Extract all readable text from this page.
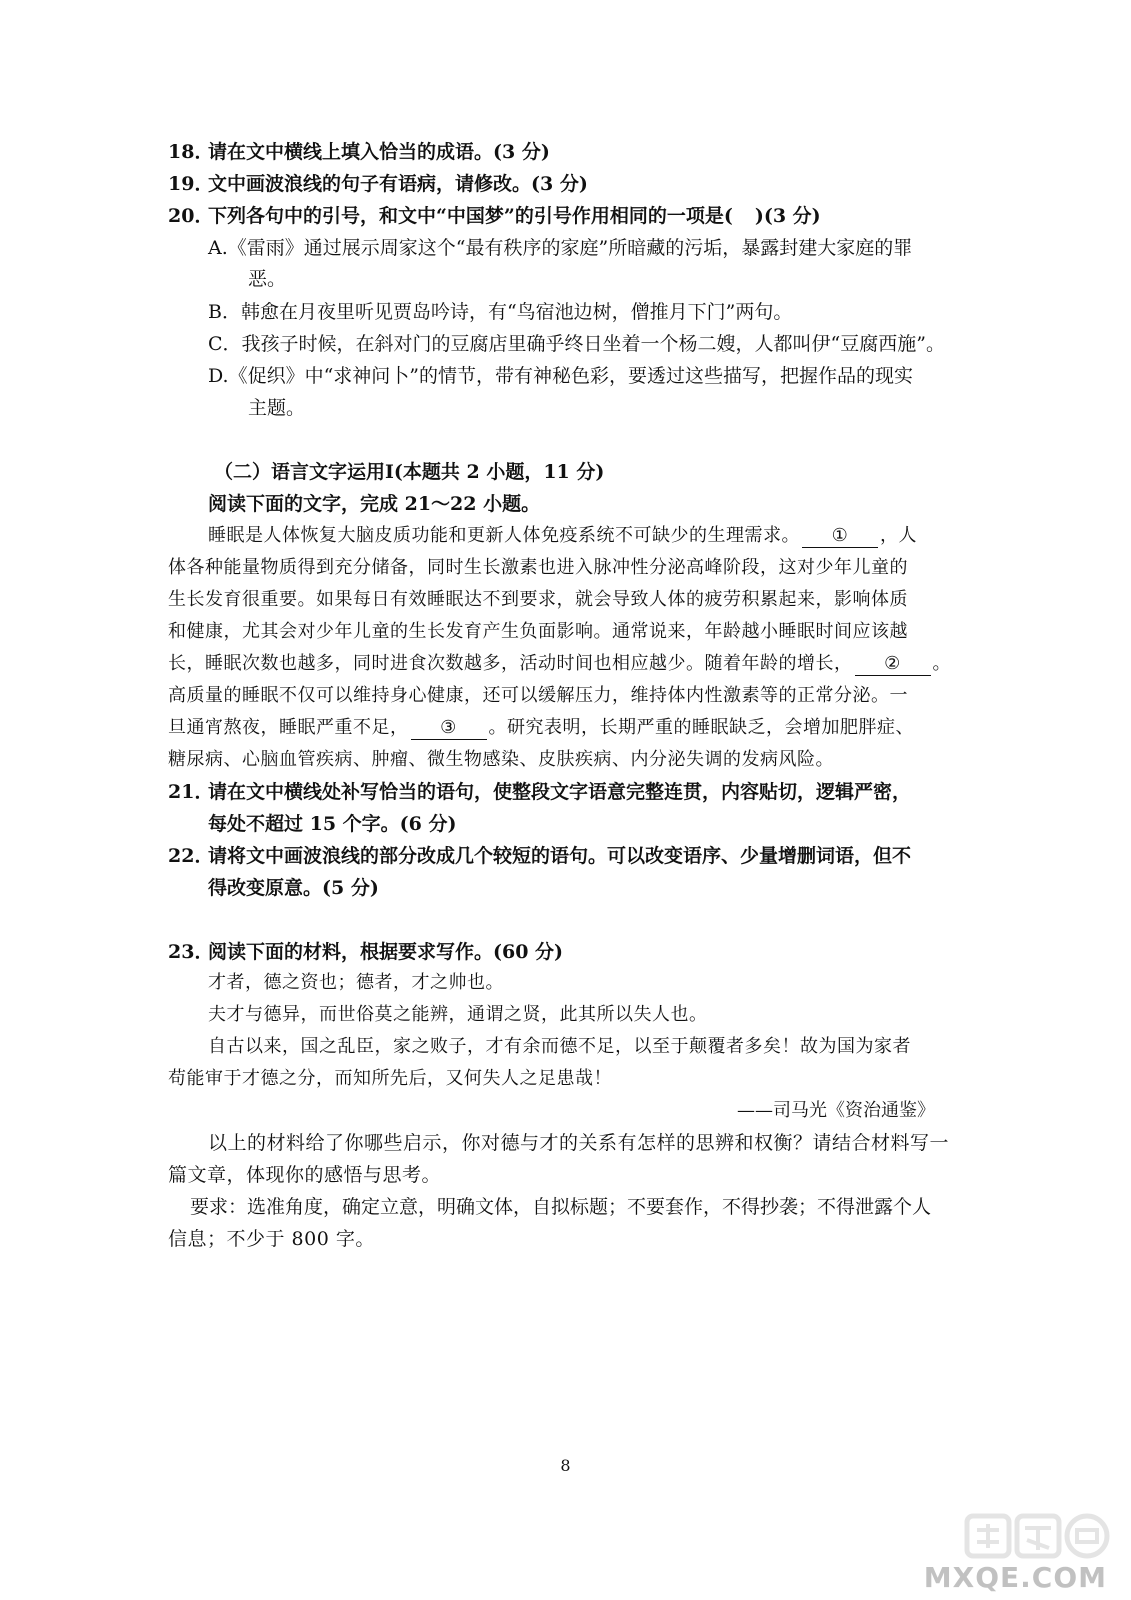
18．请在文中横线上填入恰当的成语。(3 分)
19．文中画波浪线的句子有语病，请修改。(3 分)
20．下列各句中的引号，和文中“中国梦”的引号作用相同的一项是( )(3 分)
A.《雷雨》通过展示周家这个“最有秩序的家庭”所暗藏的污垢，暴露封建大家庭的罪
恶。
B．韩愈在月夜里听见贾岛吟诗，有“鸟宿池边树，僧推月下门”两句。
C．我孩子时候，在斜对门的豆腐店里确乎终日坐着一个杨二嫂，人都叫伊“豆腐西施”。
D.《促织》中“求神问卜”的情节，带有神秘色彩，要透过这些描写，把握作品的现实
主题。
（二）语言文字运用Ⅰ(本题共 2 小题，11 分)
阅读下面的文字，完成 21～22 小题。
睡眠是人体恢复大脑皮质功能和更新人体免疫系统不可缺少的生理需求。 ① ，人
体各种能量物质得到充分储备，同时生长激素也进入脉冲性分泌高峰阶段，这对少年儿童的
生长发育很重要。如果每日有效睡眠达不到要求，就会导致人体的疲劳积累起来，影响体质
和健康，尤其会对少年儿童的生长发育产生负面影响。通常说来，年龄越小睡眠时间应该越
长，睡眠次数也越多，同时进食次数越多，活动时间也相应越少。随着年龄的增长， ② 。
高质量的睡眠不仅可以维持身心健康，还可以缓解压力，维持体内性激素等的正常分泌。一
旦通宵熬夜，睡眠严重不足， ③ 。研究表明，长期严重的睡眠缺乏，会增加肥胖症、
糖尿病、心脑血管疾病、肿瘤、微生物感染、皮肤疾病、内分泌失调的发病风险。
21．请在文中横线处补写恰当的语句，使整段文字语意完整连贯，内容贴切，逻辑严密，
每处不超过 15 个字。(6 分)
22．请将文中画波浪线的部分改成几个较短的语句。可以改变语序、少量增删词语，但不
得改变原意。(5 分)
23．阅读下面的材料，根据要求写作。(60 分)
才者，德之资也；德者，才之帅也。
夫才与德异，而世俗莫之能辨，通谓之贤，此其所以失人也。
自古以来，国之乱臣，家之败子，才有余而德不足，以至于颠覆者多矣！故为国为家者
苟能审于才德之分，而知所先后，又何失人之足患哉！
——司马光《资治通鉴》
以上的材料给了你哪些启示，你对德与才的关系有怎样的思辨和权衡？请结合材料写一
篇文章，体现你的感悟与思考。
要求：选准角度，确定立意，明确文体，自拟标题；不要套作，不得抄袭；不得泄露个人
信息；不少于 800 字。
8
MXQE.COM
